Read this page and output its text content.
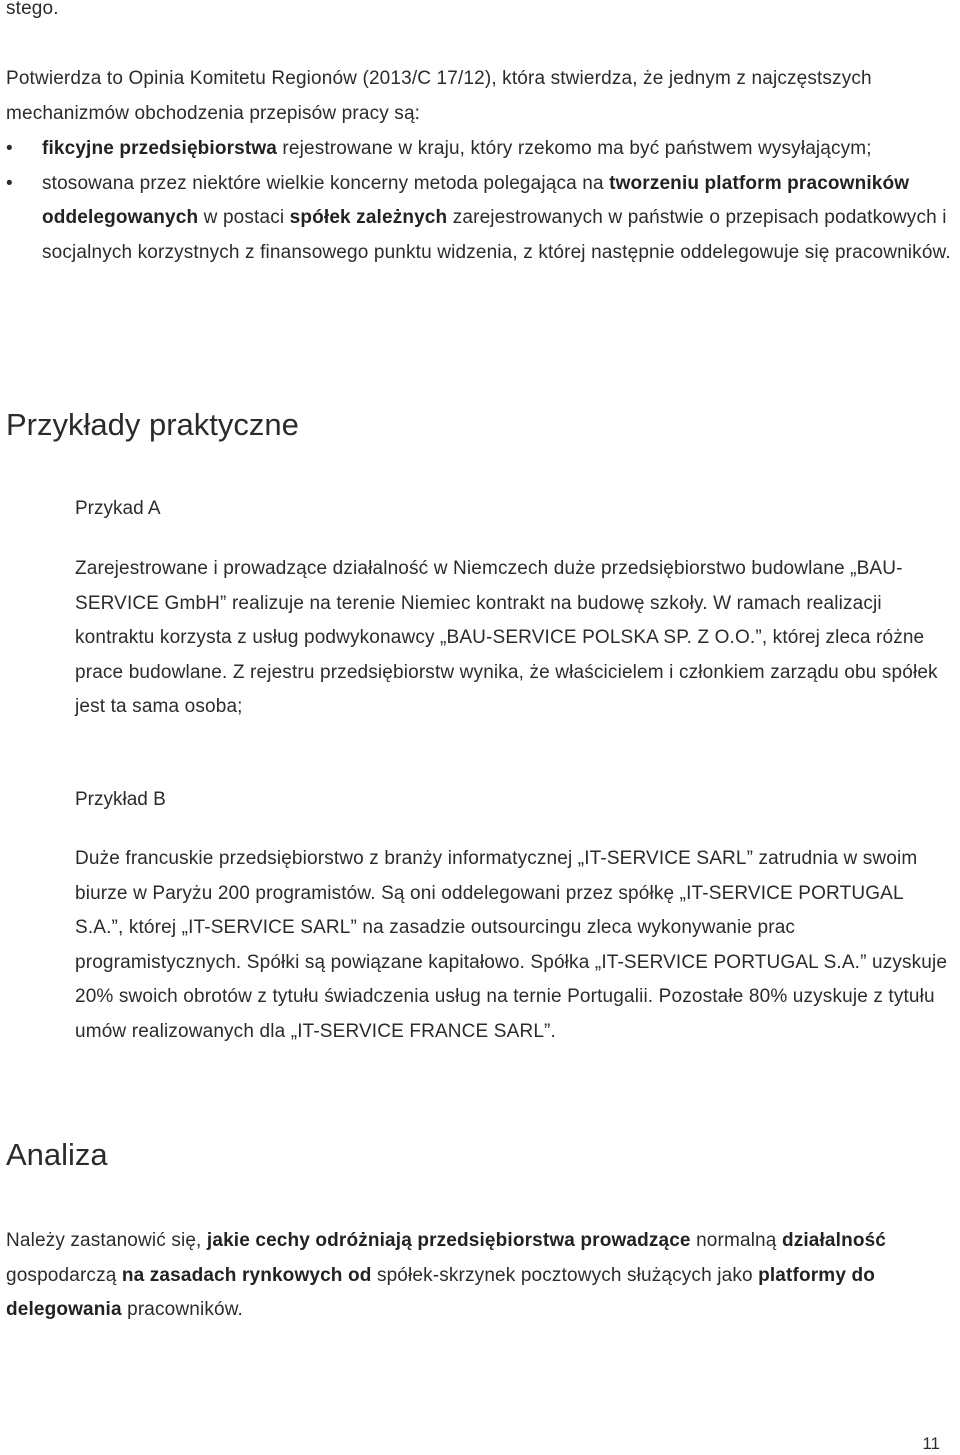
stego.

Potwierdza to Opinia Komitetu Regionów (2013/C 17/12), która stwierdza, że jednym z najczęstszych mechanizmów obchodzenia przepisów pracy są:

• fikcyjne przedsiębiorstwa rejestrowane w kraju, który rzekomo ma być państwem wysyłającym;
• stosowana przez niektóre wielkie koncerny metoda polegająca na tworzeniu platform pracowników oddelegowanych w postaci spółek zależnych zarejestrowanych w państwie o przepisach podatkowych i socjalnych korzystnych z finansowego punktu widzenia, z której następnie oddelegowuje się pracowników.
Przykłady praktyczne
Przykad A

Zarejestrowane i prowadzące działalność w Niemczech duże przedsiębiorstwo budowlane „BAU-SERVICE GmbH” realizuje na terenie Niemiec kontrakt na budowę szkoły. W ramach realizacji kontraktu korzysta z usług podwykonawcy „BAU-SERVICE POLSKA SP. Z O.O.”, której zleca różne prace budowlane. Z rejestru przedsiębiorstw wynika, że właścicielem i członkiem zarządu obu spółek jest ta sama osoba;

Przykład B

Duże francuskie przedsiębiorstwo z branży informatycznej „IT-SERVICE SARL” zatrudnia w swoim biurze w Paryżu 200 programistów. Są oni oddelegowani przez spółkę „IT-SERVICE PORTUGAL S.A.”, której „IT-SERVICE SARL” na zasadzie outsourcingu zleca wykonywanie prac programistycznych. Spółki są powiązane kapitałowo. Spółka „IT-SERVICE PORTUGAL S.A.” uzyskuje 20% swoich obrotów z tytułu świadczenia usług na ternie Portugalii. Pozostałe 80% uzyskuje z tytułu umów realizowanych dla „IT-SERVICE FRANCE SARL”.

Analiza

Należy zastanowić się, jakie cechy odróżniają przedsiębiorstwa prowadzące normalną działalność gospodarczą na zasadach rynkowych od spółek-skrzynek pocztowych służących jako platformy do delegowania pracowników.

11
